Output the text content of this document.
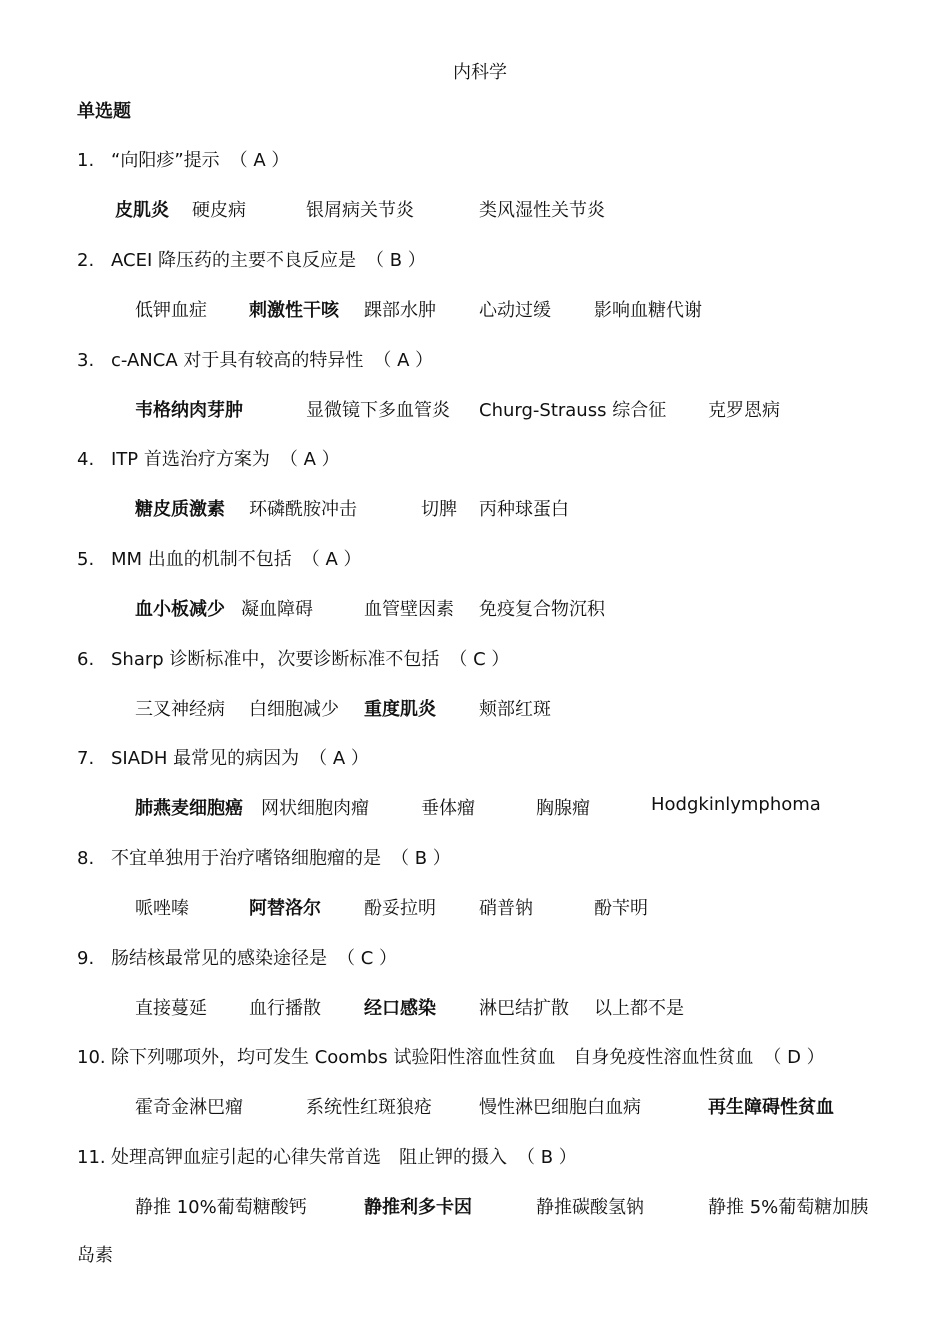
内科学
单选题
1. “向阳疹”提示 （ A ）
皮肌炎 硬皮病	银屑病关节炎	类风湿性关节炎
2. ACEI 降压药的主要不良反应是 （ B ）
低钾血症 刺激性干咳 踝部水肿 心动过缓 影响血糖代谢
3. c-ANCA 对于具有较高的特异性 （ A ）
韦格纳肉芽肿	显微镜下多血管炎 Churg-Strauss 综合征 克罗恩病
4. ITP 首选治疗方案为 （ A ）
糖皮质激素 环磷酰胺冲击	切脾 丙种球蛋白
5. MM 出血的机制不包括 （ A ）
血小板减少 凝血障碍	血管壁因素 免疫复合物沉积
6. Sharp 诊断标准中，次要诊断标准不包括 （ C ）
三叉神经病 白细胞减少 重度肌炎 颊部红斑
7. SIADH 最常见的病因为 （ A ）
肺燕麦细胞癌 网状细胞肉瘤	垂体瘤	胸腺瘤	Hodgkinlymphoma
8. 不宜单独用于治疗嗜铬细胞瘤的是 （ B ）
哌唑嗪	阿替洛尔 酚妥拉明 硝普钠	酚苄明
9. 肠结核最常见的感染途径是 （ C ）
直接蔓延 血行播散 经口感染 淋巴结扩散 以上都不是
10. 除下列哪项外，均可发生 Coombs 试验阳性溶血性贫血　自身免疫性溶血性贫血 （ D ）
霍奇金淋巴瘤	系统性红斑狼疮	慢性淋巴细胞白血病	再生障碍性贫血
11. 处理高钾血症引起的心律失常首选　阻止钾的摄入 （ B ）
静推 10%葡萄糖酸钙	静推利多卡因	静推碳酸氢钠	静推 5%葡萄糖加胰
岛素
